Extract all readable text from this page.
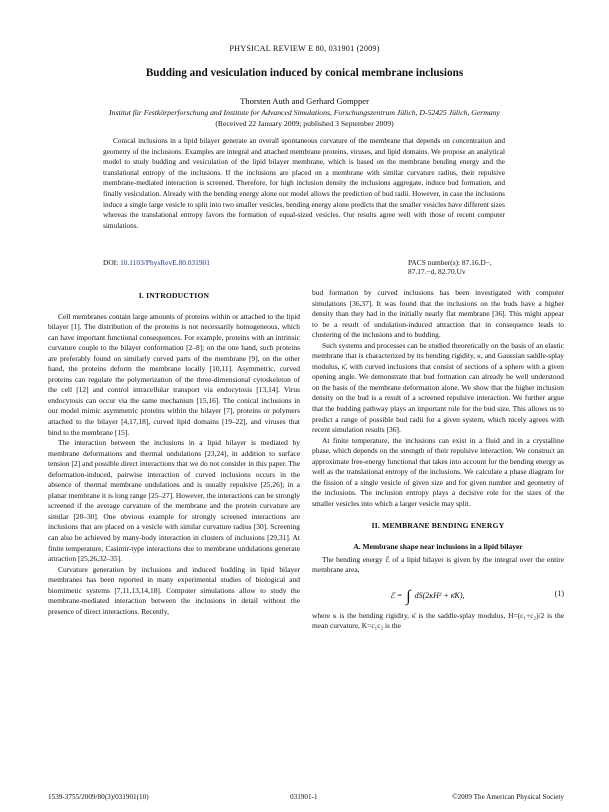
PHYSICAL REVIEW E 80, 031901 (2009)
Budding and vesiculation induced by conical membrane inclusions
Thorsten Auth and Gerhard Gompper
Institut für Festkörperforschung and Institute for Advanced Simulations, Forschungszentrum Jülich, D-52425 Jülich, Germany
(Received 22 January 2009; published 3 September 2009)
Conical inclusions in a lipid bilayer generate an overall spontaneous curvature of the membrane that depends on concentration and geometry of the inclusions. Examples are integral and attached membrane proteins, viruses, and lipid domains. We propose an analytical model to study budding and vesiculation of the lipid bilayer membrane, which is based on the membrane bending energy and the translational entropy of the inclusions. If the inclusions are placed on a membrane with similar curvature radius, their repulsive membrane-mediated interaction is screened. Therefore, for high inclusion density the inclusions aggregate, induce bud formation, and finally vesiculation. Already with the bending energy alone our model allows the prediction of bud radii. However, in case the inclusions induce a single large vesicle to split into two smaller vesicles, bending energy alone predicts that the smaller vesicles have different sizes whereas the translational entropy favors the formation of equal-sized vesicles. Our results agree well with those of recent computer simulations.
DOI: 10.1103/PhysRevE.80.031901	PACS number(s): 87.16.D−, 87.17.−d, 82.70.Uv
I. INTRODUCTION

Cell membranes contain large amounts of proteins within or attached to the lipid bilayer [1]. The distribution of the proteins is not necessarily homogeneous, which can have important functional consequences. For example, proteins with an intrinsic curvature couple to the bilayer conformation [2–8]; on the one hand, such proteins are preferably found on similarly curved parts of the membrane [9], on the other hand, the proteins deform the membrane locally [10,11]. Asymmetric, curved proteins can regulate the polymerization of the three-dimensional cytoskeleton of the cell [12] and control intracellular transport via endocytosis [13,14]. Virus endocytosis can occur via the same mechanism [15,16]. The conical inclusions in our model mimic asymmetric proteins within the bilayer [7], proteins or polymers attached to the bilayer [4,17,18], curved lipid domains [19–22], and viruses that bind to the membrane [15].

The interaction between the inclusions in a lipid bilayer is mediated by membrane deformations and thermal undulations [23,24], in addition to surface tension [2] and possible direct interactions that we do not consider in this paper. The deformation-induced, pairwise interaction of curved inclusions occurs in the absence of thermal membrane undulations and is usually repulsive [25,26]; in a planar membrane it is long range [25–27]. However, the interactions can be strongly screened if the average curvature of the membrane and the protein curvature are similar [28–30]. One obvious example for strongly screened interactions are inclusions that are placed on a vesicle with similar curvature radius [30]. Screening can also be achieved by many-body interaction in clusters of inclusions [29,31]. At finite temperature, Casimir-type interactions due to membrane undulations generate attraction [25,26,32–35].

Curvature generation by inclusions and induced budding in lipid bilayer membranes has been reported in many experimental studies of biological and biomimetic systems [7,11,13,14,18]. Computer simulations allow to study the membrane-mediated interaction between the inclusions in detail without the presence of direct interactions. Recently,

bud formation by curved inclusions has been investigated with computer simulations [36,37]. It was found that the inclusions on the buds have a higher density than they had in the initially nearly flat membrane [36]. This might appear to be a result of undulation-induced attraction that in consequence leads to clustering of the inclusions and to budding.

Such systems and processes can be studied theoretically on the basis of an elastic membrane that is characterized by its bending rigidity, κ, and Gaussian saddle-splay modulus, κ̄, with curved inclusions that consist of sections of a sphere with a given opening angle. We demonstrate that bud formation can already be well understood on the basis of the membrane deformation alone. We show that the higher inclusion density on the bud is a result of a screened repulsive interaction. We further argue that the budding pathway plays an important role for the bud size. This allows us to predict a range of possible bud radii for a given system, which nicely agrees with recent simulation results [36].

At finite temperature, the inclusions can exist in a fluid and in a crystalline phase, which depends on the strength of their repulsive interaction. We construct an approximate free-energy functional that takes into account for the bending energy as well as the translational entropy of the inclusions. We calculate a phase diagram for the fission of a single vesicle of given size and for given number and geometry of the inclusions. The inclusion entropy plays a decisive role for the sizes of the smaller vesicles into which a larger vesicle may split.

II. MEMBRANE BENDING ENERGY
A. Membrane shape near inclusions in a lipid bilayer

The bending energy ℰ of a lipid bilayer is given by the integral over the entire membrane area,

ℰ = ∫ dS(2κH² + κ̄K),	(1)

where κ is the bending rigidity, κ̄ is the saddle-splay modulus, H=(c₁+c₂)/2 is the mean curvature, K=c₁c₂ is the

1539-3755/2009/80(3)/031901(10)	031901-1	©2009 The American Physical Society
